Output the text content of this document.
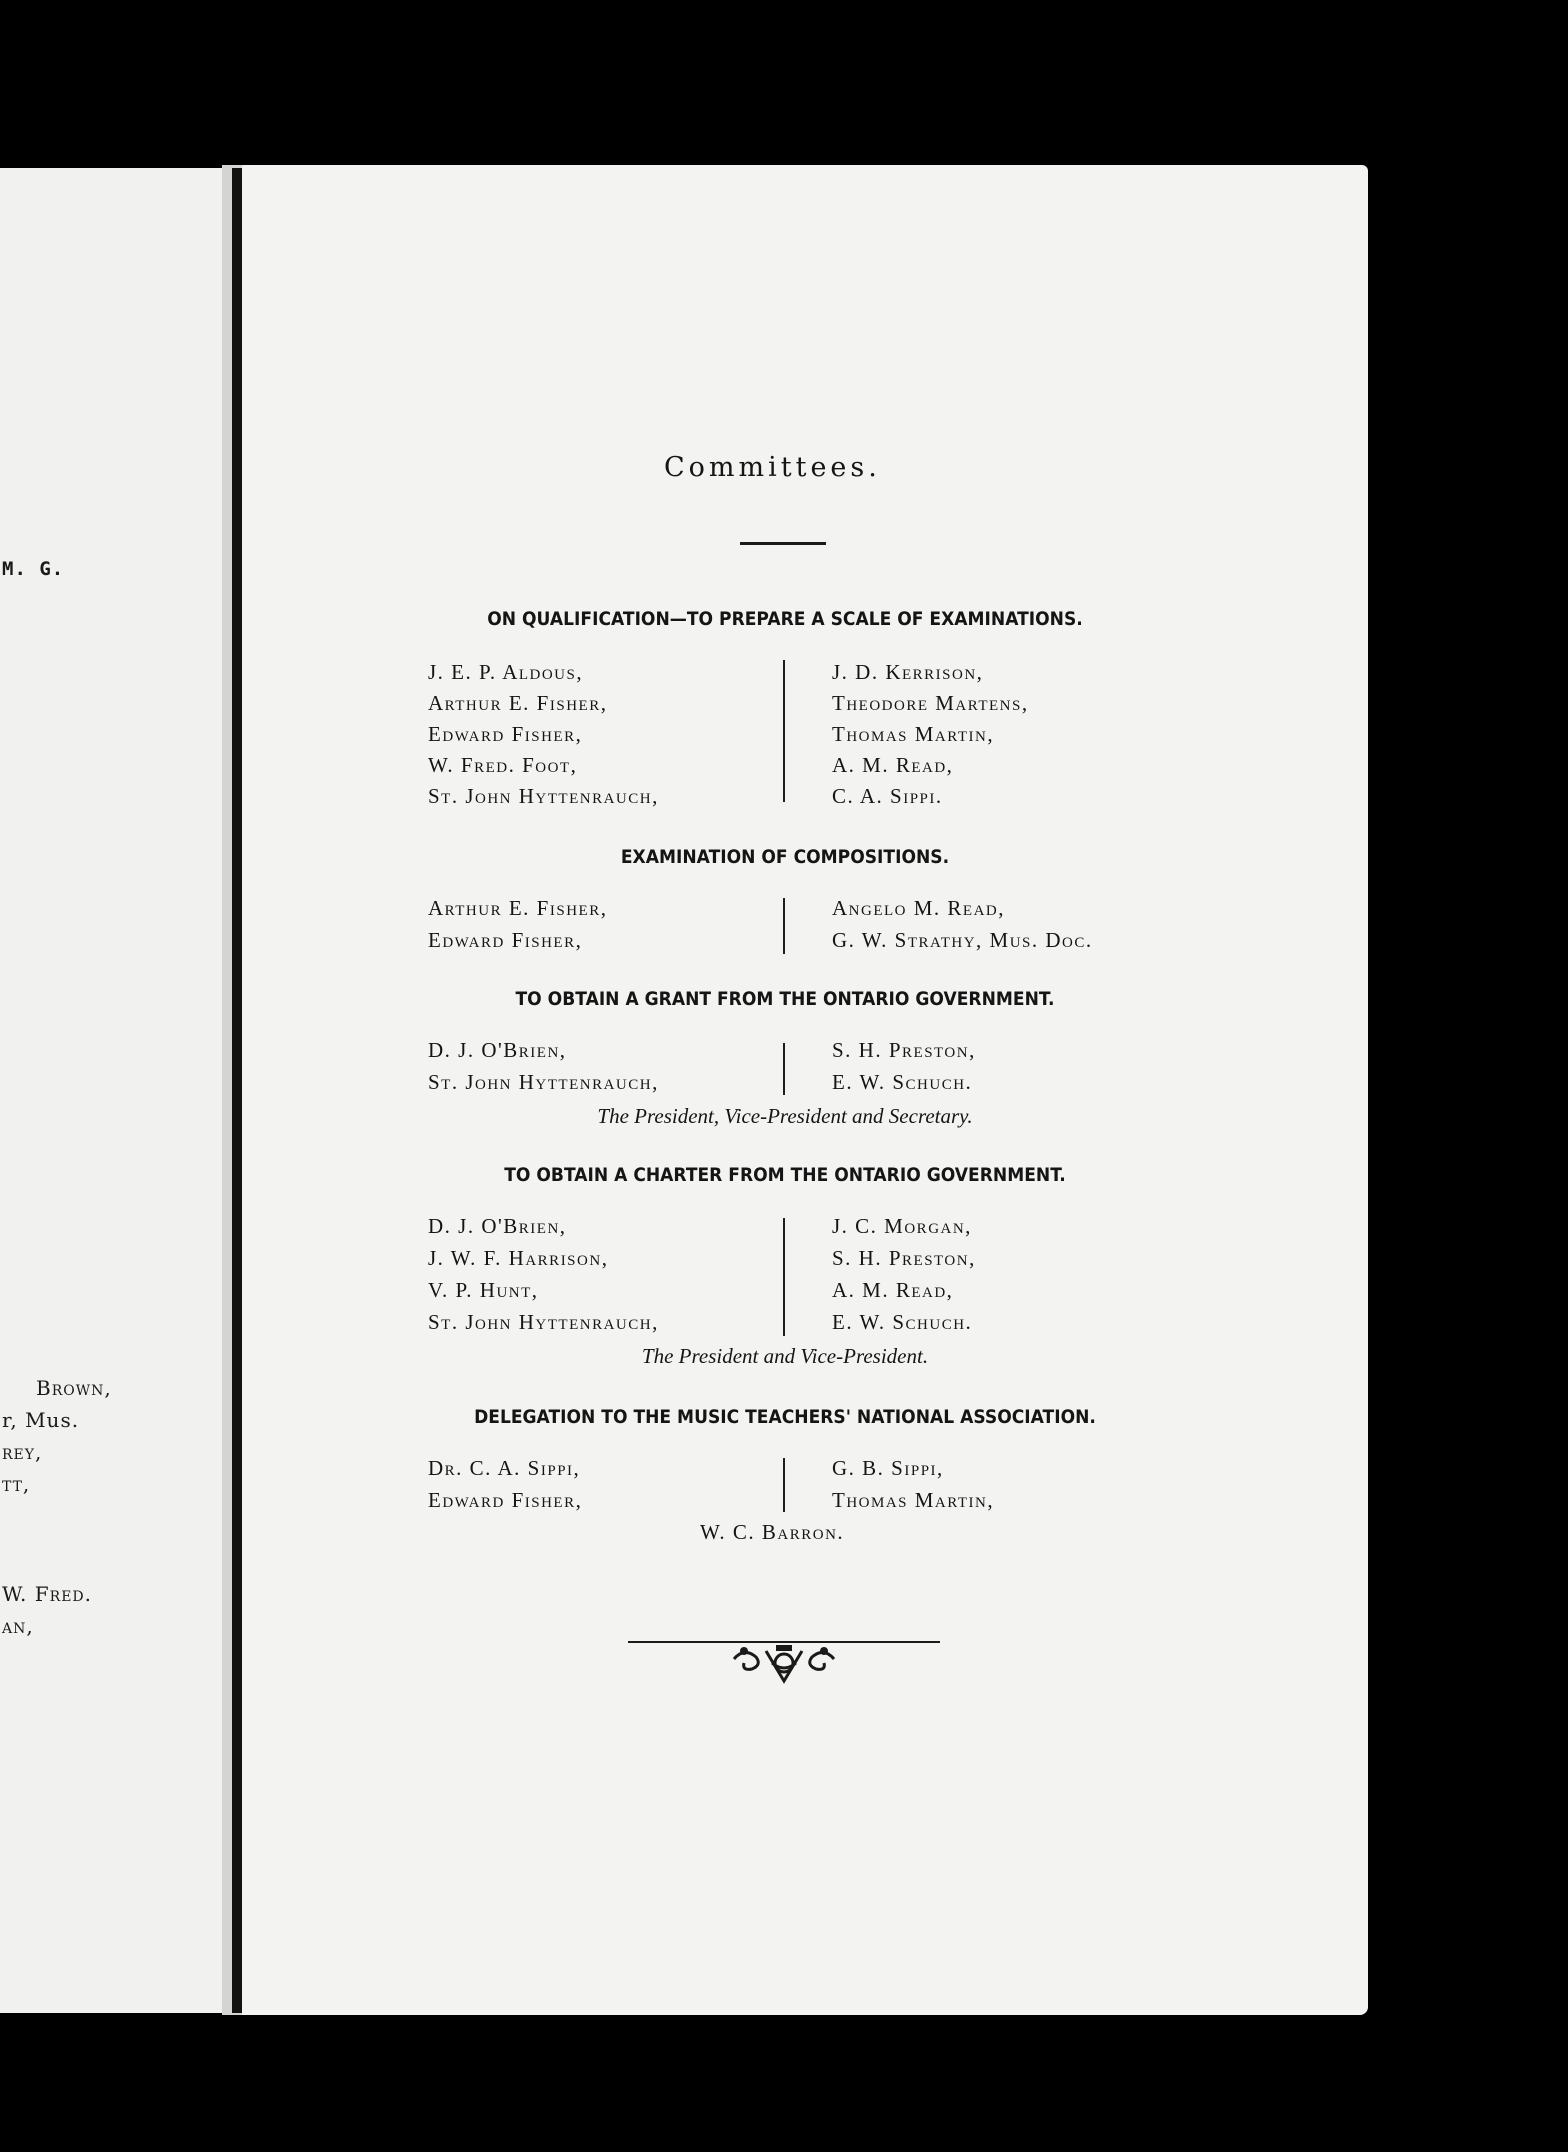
M. G.
Brown,
r, Mus.
rey,
tt,
W. Fred.
an,
Committees.
ON QUALIFICATION—TO PREPARE A SCALE OF EXAMINATIONS.
J. E. P. Aldous,
Arthur E. Fisher,
Edward Fisher,
W. Fred. Foot,
St. John Hyttenrauch,
J. D. Kerrison,
Theodore Martens,
Thomas Martin,
A. M. Read,
C. A. Sippi.
EXAMINATION OF COMPOSITIONS.
Arthur E. Fisher,
Edward Fisher,
Angelo M. Read,
G. W. Strathy, Mus. Doc.
TO OBTAIN A GRANT FROM THE ONTARIO GOVERNMENT.
D. J. O'Brien,
St. John Hyttenrauch,
S. H. Preston,
E. W. Schuch.
The President, Vice-President and Secretary.
TO OBTAIN A CHARTER FROM THE ONTARIO GOVERNMENT.
D. J. O'Brien,
J. W. F. Harrison,
V. P. Hunt,
St. John Hyttenrauch,
J. C. Morgan,
S. H. Preston,
A. M. Read,
E. W. Schuch.
The President and Vice-President.
DELEGATION TO THE MUSIC TEACHERS' NATIONAL ASSOCIATION.
Dr. C. A. Sippi,
Edward Fisher,
G. B. Sippi,
Thomas Martin,
W. C. Barron.
